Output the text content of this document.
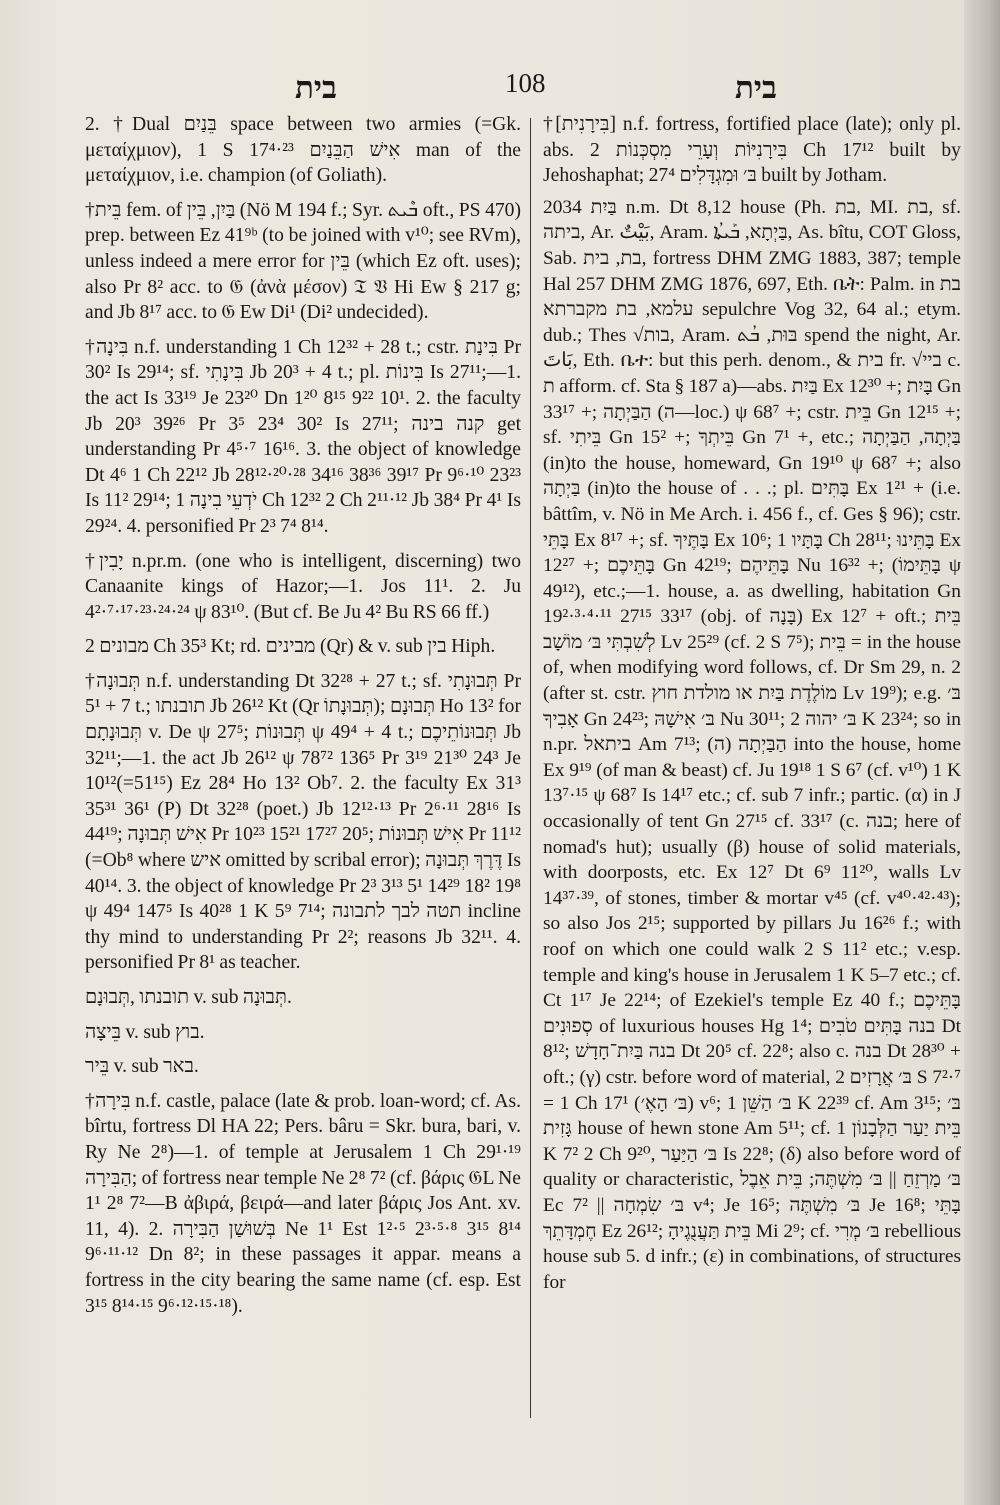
בית	108	בית
2. †Dual בֵּנַיִם space between two armies (=Gk. μεταίχμιον), 1 S 17⁴·²³ אִישׁ הַבֵּנַיִם man of the μεταίχμιον, i.e. champion (of Goliath).
†בֵּית fem. of בַּיִן, בֵּין (Nö M 194 f.; Syr. ܒܶܝܬ oft., PS 470) prep. between Ez 41⁹ᵇ (to be joined with v¹⁰; see RVm), unless indeed a mere error for בֵּין (which Ez oft. uses); also Pr 8² acc. to 𝔊 (ἀνὰ μέσον) 𝔗 𝔙 Hi Ew § 217 g; and Jb 8¹⁷ acc. to 𝔊 Ew Di¹ (Di² undecided).
†בִּינָה n.f. understanding 1 Ch 12³² + 28 t.; cstr. בִּינַת Pr 30² Is 29¹⁴; sf. בִּינָתִי Jb 20³ + 4 t.; pl. בִּינוֹת Is 27¹¹;—1. the act Is 33¹⁹ Je 23²⁰ Dn 1²⁰ 8¹⁵ 9²² 10¹. 2. the faculty Jb 20³ 39²⁶ Pr 3⁵ 23⁴ 30² Is 27¹¹; קנה בינה get understanding Pr 4⁵·⁷ 16¹⁶. 3. the object of knowledge Dt 4⁶ 1 Ch 22¹² Jb 28¹²·²⁰·²⁸ 34¹⁶ 38³⁶ 39¹⁷ Pr 9⁶·¹⁰ 23²³ Is 11² 29¹⁴; יֹדְעֵי בִינָה 1 Ch 12³² 2 Ch 2¹¹·¹² Jb 38⁴ Pr 4¹ Is 29²⁴. 4. personified Pr 2³ 7⁴ 8¹⁴.
†יָבִין n.pr.m. (one who is intelligent, discerning) two Canaanite kings of Hazor;—1. Jos 11¹. 2. Ju 4²·⁷·¹⁷·²³·²⁴·²⁴ ψ 83¹⁰. (But cf. Be Ju 4² Bu RS 66 ff.)
מבונים 2 Ch 35³ Kt; rd. מבינים (Qr) & v. sub בין Hiph.
†תְּבוּנָה n.f. understanding Dt 32²⁸ + 27 t.; sf. תְּבוּנָתִי Pr 5¹ + 7 t.; תובנתו Jb 26¹² Kt (Qr תְּבוּנָתוֹ); תְּבוּנָם Ho 13² for תְּבוּנָתָם v. De ψ 27⁵; תְּבוּנוֹת ψ 49⁴ + 4 t.; תְּבוּנוֹתֵיכֶם Jb 32¹¹;—1. the act Jb 26¹² ψ 78⁷² 136⁵ Pr 3¹⁹ 21³⁰ 24³ Je 10¹²(=51¹⁵) Ez 28⁴ Ho 13² Ob⁷. 2. the faculty Ex 31³ 35³¹ 36¹ (P) Dt 32²⁸ (poet.) Jb 12¹²·¹³ Pr 2⁶·¹¹ 28¹⁶ Is 44¹⁹; אִישׁ תְּבוּנָה Pr 10²³ 15²¹ 17²⁷ 20⁵; אִישׁ תְּבוּנוֹת Pr 11¹² (=Ob⁸ where איש omitted by scribal error); דֶּרֶךְ תְּבוּנָה Is 40¹⁴. 3. the object of knowledge Pr 2³ 3¹³ 5¹ 14²⁹ 18² 19⁸ ψ 49⁴ 147⁵ Is 40²⁸ 1 K 5⁹ 7¹⁴; תטה לבך לתבונה incline thy mind to understanding Pr 2²; reasons Jb 32¹¹. 4. personified Pr 8¹ as teacher.
תובנתו ,תְּבוּנָם v. sub תְּבוּנָה.
בֵּיצָה v. sub בוץ.
בֵּיר v. sub באר.
†בִּירָה n.f. castle, palace (late & prob. loan-word; cf. As. bîrtu, fortress Dl HA 22; Pers. bâru = Skr. bura, bari, v. Ry Ne 2⁸)—1. of temple at Jerusalem 1 Ch 29¹·¹⁹ הַבִּירָה; of fortress near temple Ne 2⁸ 7² (cf. βάρις 𝔊L Ne 1¹ 2⁸ 7²—B ἀβιρά, βειρά—and later βάρις Jos Ant. xv. 11, 4). 2. בְּשׁוּשַׁן הַבִּירָה Ne 1¹ Est 1²·⁵ 2³·⁵·⁸ 3¹⁵ 8¹⁴ 9⁶·¹¹·¹² Dn 8²; in these passages it appar. means a fortress in the city bearing the same name (cf. esp. Est 3¹⁵ 8¹⁴·¹⁵ 9⁶·¹²·¹⁵·¹⁸).
†[בִּירָנִית] n.f. fortress, fortified place (late); only pl. abs. בִּירָנִיּוֹת וְעָרֵי מִסְכְּנוֹת 2 Ch 17¹² built by Jehoshaphat; בּ׳ וּמִגְדָּלִים 27⁴ built by Jotham.
בַּיִת 2034 n.m. Dt 8,12 house (Ph. בת, MI. בת, sf. ביתה, Ar. بَيْتٌ, Aram. בַּיְתָא, ܒܰܝܬܳܐ, As. bîtu, COT Gloss, Sab. בת, בית, fortress DHM ZMG 1883, 387; temple Hal 257 DHM ZMG 1876, 697, Eth. ቤት: Palm. in בת עלמא, בת מקברתא sepulchre Vog 32, 64 al.; etym. dub.; Thes √בות, Aram. בּוּת, ܒܳܬ spend the night, Ar. بَاتَ, Eth. ቤተ: but this perh. denom., & בית fr. √ביי c. ת afform. cf. Sta § 187 a)—abs. בַּיִת Ex 12³⁰ +; בָּיִת Gn 33¹⁷ +; הַבַּיְתָה (ה—loc.) ψ 68⁷ +; cstr. בֵּית Gn 12¹⁵ +; sf. בֵּיתִי Gn 15² +; בֵּיתְךָ Gn 7¹ +, etc.; בַּיְתָה, הַבַּיְתָה (in)to the house, homeward, Gn 19¹⁰ ψ 68⁷ +; also בַּיְתָה (in)to the house of . . .; pl. בָּתִּים Ex 1²¹ + (i.e. bâttîm, v. Nö in Me Arch. i. 456 f., cf. Ges § 96); cstr. בָּתֵּי Ex 8¹⁷ +; sf. בָּתֶּיךָ Ex 10⁶; בָּתָּיו 1 Ch 28¹¹; בָּתֵּינוּ Ex 12²⁷ +; בָּתֵּיכֶם Gn 42¹⁹; בָּתֵּיהֶם Nu 16³² +; (בָּתֵּימוֹ ψ 49¹²), etc.;—1. house, a. as dwelling, habitation Gn 19²·³·⁴·¹¹ 27¹⁵ 33¹⁷ (obj. of בָּנָה) Ex 12⁷ + oft.; בֵּית לְשִׁבְתִּי בּ׳ מוֹשָׁב Lv 25²⁹ (cf. 2 S 7⁵); בֵּית = in the house of, when modifying word follows, cf. Dr Sm 29, n. 2 (after st. cstr. מוֹלֶדֶת בַּיִת או מולדת חוץ Lv 19⁹); e.g. בּ׳ אָבִיךָ Gn 24²³; בּ׳ אִישָׁהּ Nu 30¹¹; בּ׳ יהוה 2 K 23²⁴; so in n.pr. ביתאל Am 7¹³; הַבַּיְתָה (ה) into the house, home Ex 9¹⁹ (of man & beast) cf. Ju 19¹⁸ 1 S 6⁷ (cf. v¹⁰) 1 K 13⁷·¹⁵ ψ 68⁷ Is 14¹⁷ etc.; cf. sub 7 infr.; partic. (α) in J occasionally of tent Gn 27¹⁵ cf. 33¹⁷ (c. בנה; here of nomad's hut); usually (β) house of solid materials, with doorposts, etc. Ex 12⁷ Dt 6⁹ 11²⁰, walls Lv 14³⁷·³⁹, of stones, timber & mortar v⁴⁵ (cf. v⁴⁰·⁴²·⁴³); so also Jos 2¹⁵; supported by pillars Ju 16²⁶ f.; with roof on which one could walk 2 S 11² etc.; v.esp. temple and king's house in Jerusalem 1 K 5–7 etc.; cf. Ct 1¹⁷ Je 22¹⁴; of Ezekiel's temple Ez 40 f.; בָּתֵּיכֶם סְפוּנִים of luxurious houses Hg 1⁴; בנה בָּתִּים טֹבִים Dt 8¹²; בנה בַּיִת־חָדָשׁ Dt 20⁵ cf. 22⁸; also c. בנה Dt 28³⁰ + oft.; (γ) cstr. before word of material, בּ׳ אֲרָזִים 2 S 7²·⁷ = 1 Ch 17¹ (בּ׳ הָאֶ׳) v⁶; בּ׳ הַשֵּׁן 1 K 22³⁹ cf. Am 3¹⁵; בּ׳ גָּזִית house of hewn stone Am 5¹¹; cf. בֵּית יַעַר הַלְּבָנוֹן 1 K 7² 2 Ch 9²⁰, בּ׳ הַיַּעַר Is 22⁸; (δ) also before word of quality or characteristic, בּ׳ מַרְזֵחַ || בּ׳ מִשְׁתֶּה; בֵּית אֵבֶל Ec 7² || בּ׳ שִׂמְחָה v⁴; Je 16⁵; בּ׳ מִשְׁתֶּה Je 16⁸; בָּתֵּי חֶמְדָּתֵךְ Ez 26¹²; בֵּית תַּעֲנֻגֶיהָ Mi 2⁹; cf. בּ׳ מְרִי rebellious house sub 5. d infr.; (ε) in combinations, of structures for
